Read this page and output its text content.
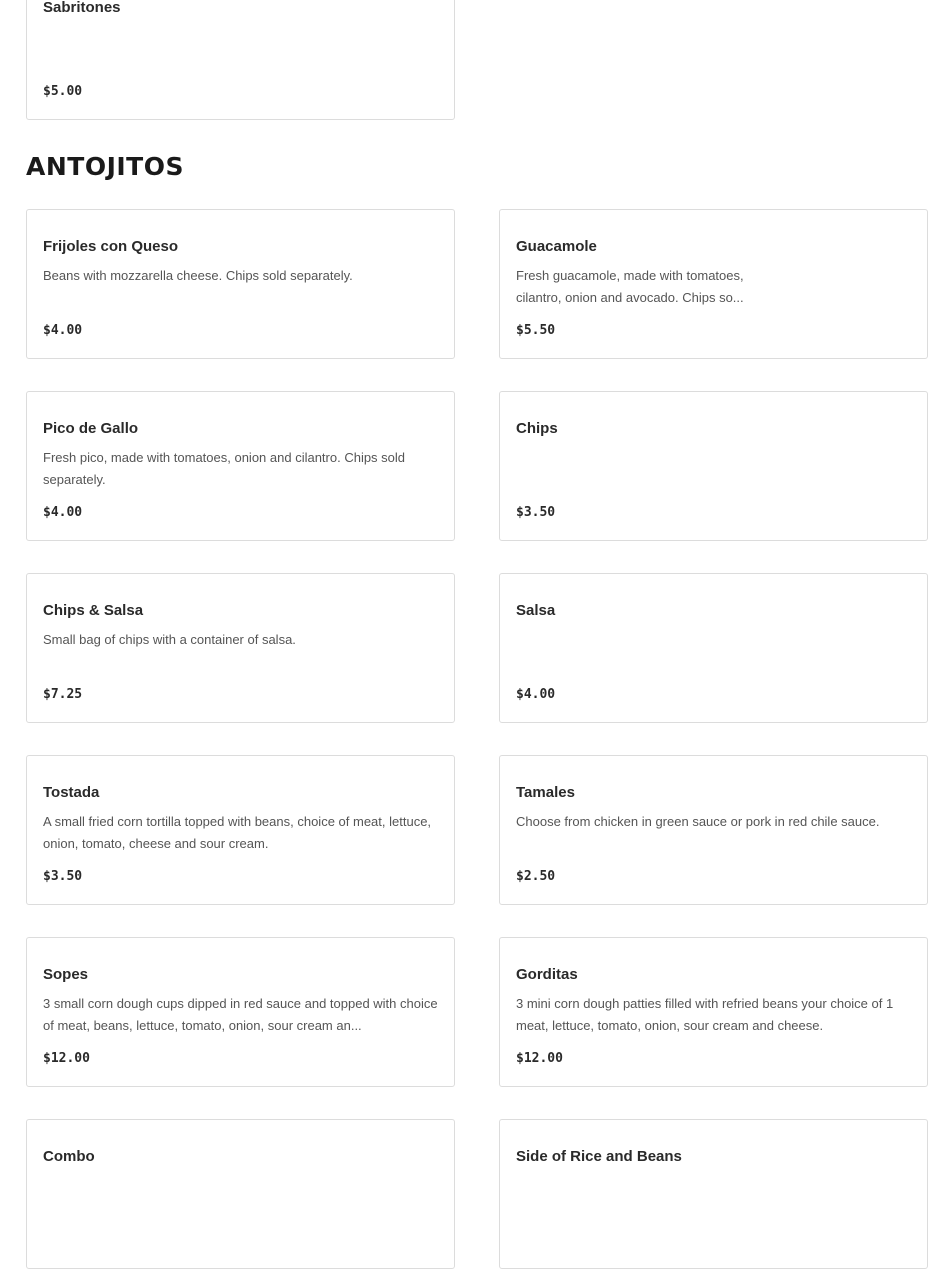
Sabritones
$5.00
ANTOJITOS
Frijoles con Queso
Beans with mozzarella cheese. Chips sold separately.
$4.00
Guacamole
Fresh guacamole, made with tomatoes, cilantro, onion and avocado. Chips so...
$5.50
Pico de Gallo
Fresh pico, made with tomatoes, onion and cilantro. Chips sold separately.
$4.00
Chips
$3.50
Chips & Salsa
Small bag of chips with a container of salsa.
$7.25
Salsa
$4.00
Tostada
A small fried corn tortilla topped with beans, choice of meat, lettuce, onion, tomato, cheese and sour cream.
$3.50
Tamales
Choose from chicken in green sauce or pork in red chile sauce.
$2.50
Sopes
3 small corn dough cups dipped in red sauce and topped with choice of meat, beans, lettuce, tomato, onion, sour cream an...
$12.00
Gorditas
3 mini corn dough patties filled with refried beans your choice of 1 meat, lettuce, tomato, onion, sour cream and cheese.
$12.00
Combo	Side of Rice and Beans
